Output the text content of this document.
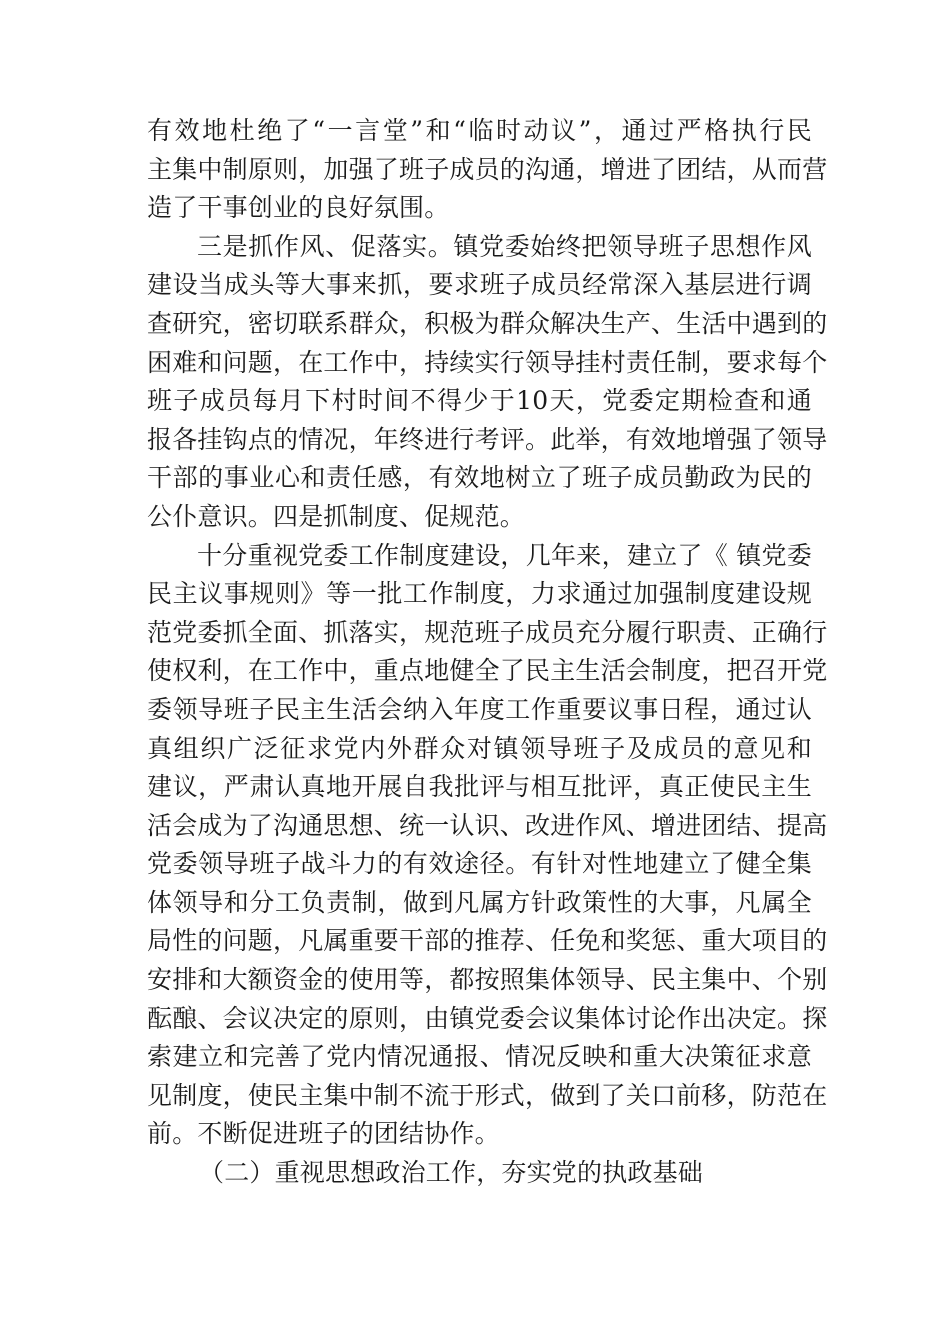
有效地杜绝了“一言堂”和“临时动议”，通过严格执行民
主集中制原则，加强了班子成员的沟通，增进了团结，从而营
造了干事创业的良好氛围。
三是抓作风、促落实。镇党委始终把领导班子思想作风
建设当成头等大事来抓，要求班子成员经常深入基层进行调
查研究，密切联系群众，积极为群众解决生产、生活中遇到的
困难和问题，在工作中，持续实行领导挂村责任制，要求每个
班子成员每月下村时间不得少于10天，党委定期检查和通
报各挂钩点的情况，年终进行考评。此举，有效地增强了领导
干部的事业心和责任感，有效地树立了班子成员勤政为民的
公仆意识。四是抓制度、促规范。
十分重视党委工作制度建设，几年来，建立了《 镇党委
民主议事规则》等一批工作制度，力求通过加强制度建设规
范党委抓全面、抓落实，规范班子成员充分履行职责、正确行
使权利，在工作中，重点地健全了民主生活会制度，把召开党
委领导班子民主生活会纳入年度工作重要议事日程，通过认
真组织广泛征求党内外群众对镇领导班子及成员的意见和
建议，严肃认真地开展自我批评与相互批评，真正使民主生
活会成为了沟通思想、统一认识、改进作风、增进团结、提高
党委领导班子战斗力的有效途径。有针对性地建立了健全集
体领导和分工负责制，做到凡属方针政策性的大事，凡属全
局性的问题，凡属重要干部的推荐、任免和奖惩、重大项目的
安排和大额资金的使用等，都按照集体领导、民主集中、个别
酝酿、会议决定的原则，由镇党委会议集体讨论作出决定。探
索建立和完善了党内情况通报、情况反映和重大决策征求意
见制度，使民主集中制不流于形式，做到了关口前移，防范在
前。不断促进班子的团结协作。
（二）重视思想政治工作，夯实党的执政基础
